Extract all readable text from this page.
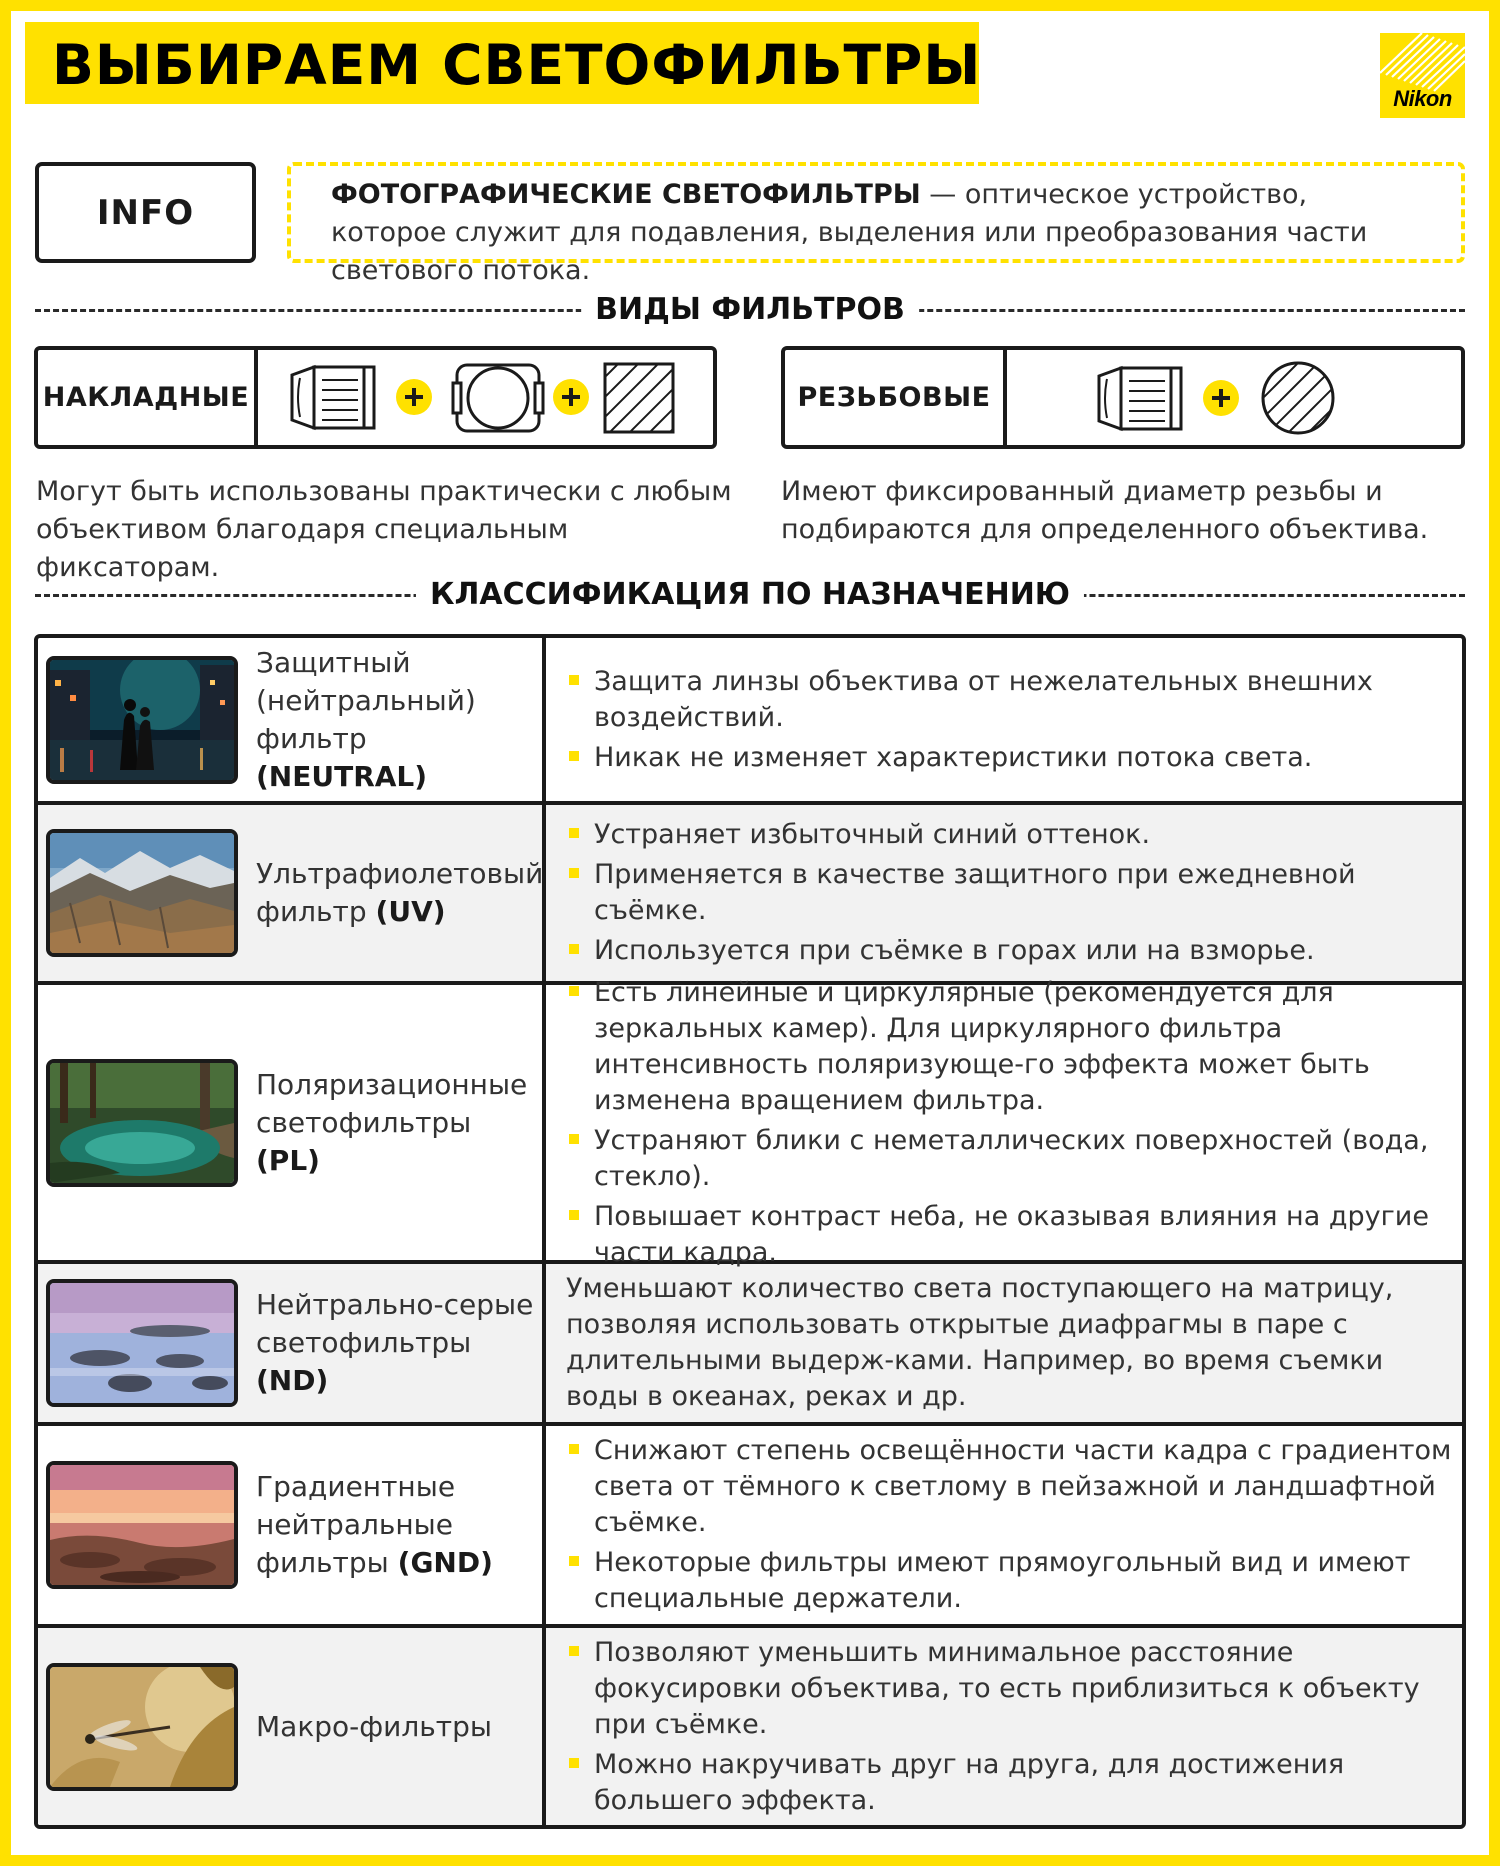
ВЫБИРАЕМ СВЕТОФИЛЬТРЫ
Nikon
INFO	ФОТОГРАФИЧЕСКИЕ СВЕТОФИЛЬТРЫ — оптическое устройство, которое служит для подавления, выделения или преобразования части светового потока.
ВИДЫ ФИЛЬТРОВ
НАКЛАДНЫЕ	РЕЗЬБОВЫЕ
Могут быть использованы практически с любым объективом благодаря специальным фиксаторам.
Имеют фиксированный диаметр резьбы и подбираются для определенного объектива.
КЛАССИФИКАЦИЯ ПО НАЗНАЧЕНИЮ
Защитный (нейтральный) фильтр (NEUTRAL)
Защита линзы объектива от нежелательных внешних воздействий.
Никак не изменяет характеристики потока света.
Ультрафиолетовый фильтр (UV)
Устраняет избыточный синий оттенок.
Применяется в качестве защитного при ежедневной съёмке.
Используется при съёмке в горах или на взморье.
Поляризационные светофильтры (PL)
Есть линейные и циркулярные (рекомендуется для зеркальных камер). Для циркулярного фильтра интенсивность поляризующе-го эффекта может быть изменена вращением фильтра.
Устраняют блики с неметаллических поверхностей (вода, стекло).
Повышает контраст неба, не оказывая влияния на другие части кадра.
Нейтрально-серые светофильтры (ND)

Уменьшают количество света поступающего на матрицу, позволяя использовать открытые диафрагмы в паре с длительными выдерж-ками. Например, во время съемки воды в океанах, реках и др.

Градиентные нейтральные фильтры (GND)
Снижают степень освещённости части кадра с градиентом света от тёмного к светлому в пейзажной и ландшафтной съёмке.
Некоторые фильтры имеют прямоугольный вид и имеют специальные держатели.
Макро-фильтры
Позволяют уменьшить минимальное расстояние фокусировки объектива, то есть приблизиться к объекту при съёмке.
Можно накручивать друг на друга, для достижения большего эффекта.
